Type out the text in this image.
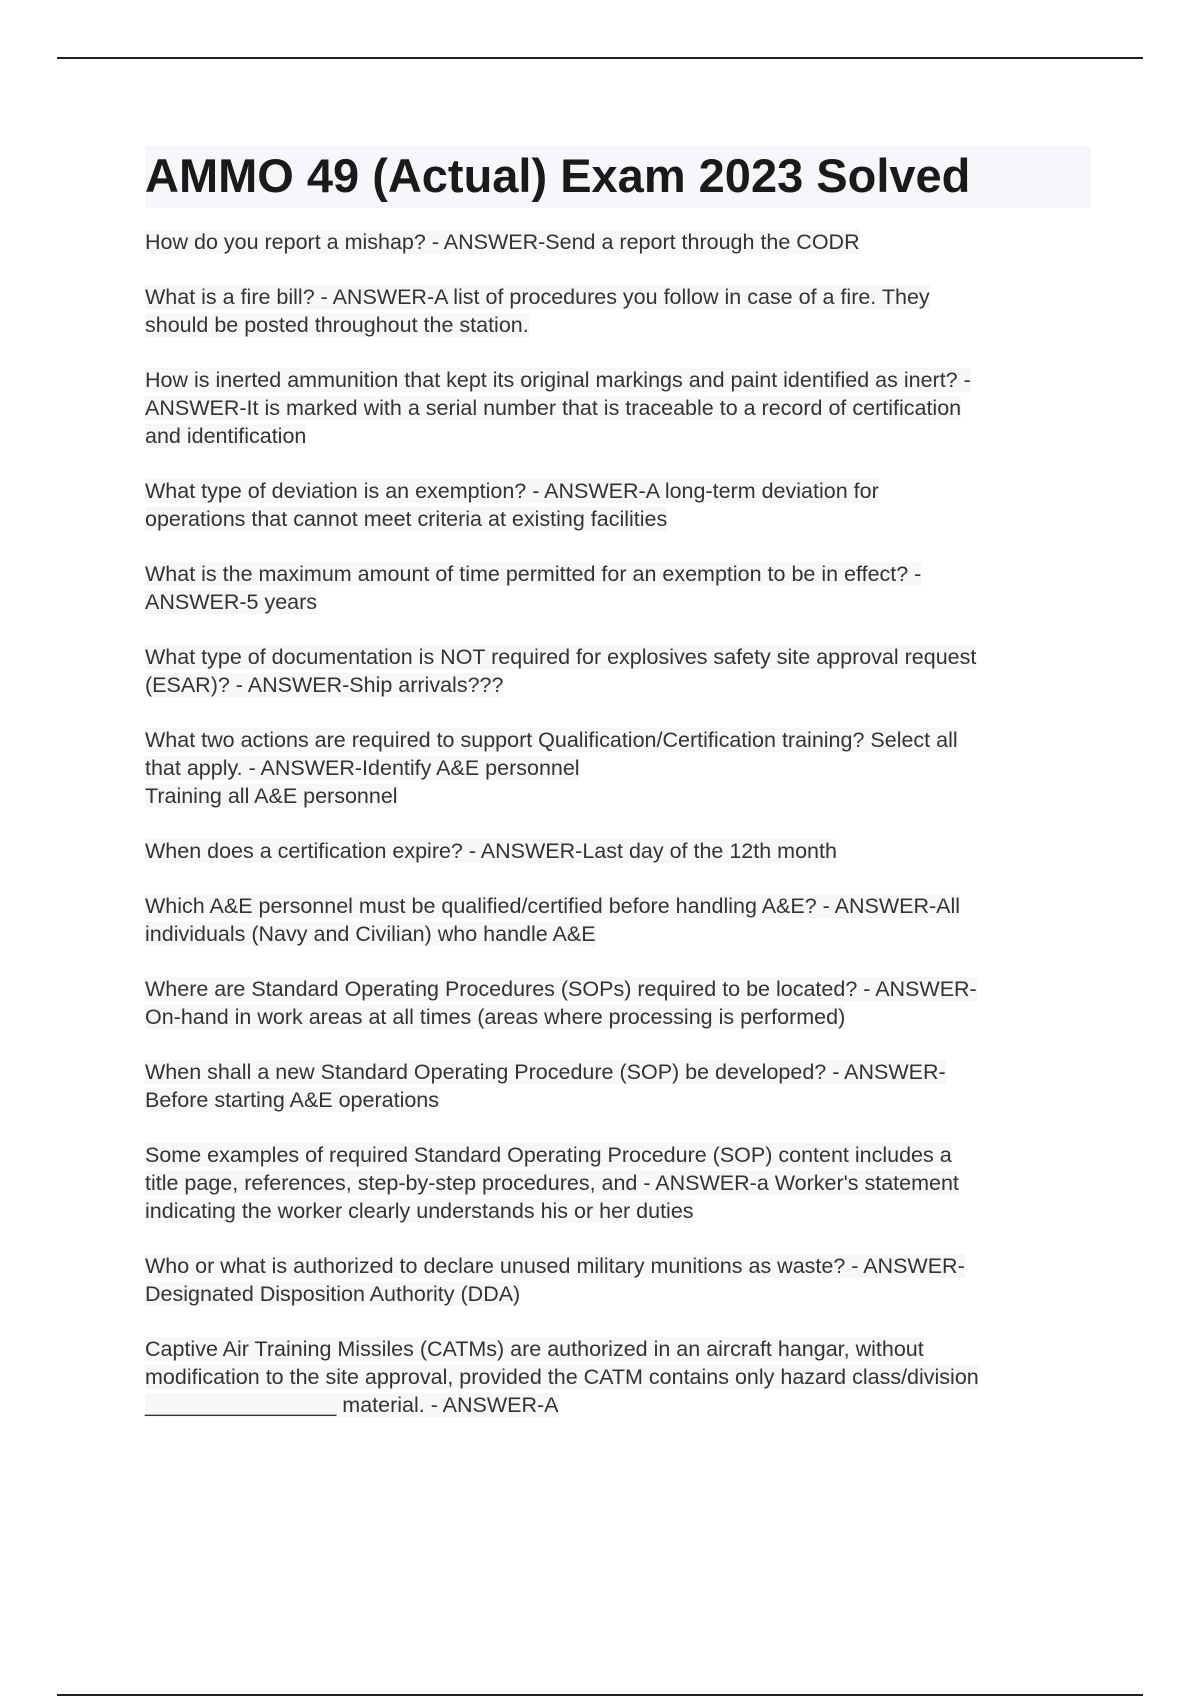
AMMO 49 (Actual) Exam 2023 Solved
How do you report a mishap? - ANSWER-Send a report through the CODR
What is a fire bill? - ANSWER-A list of procedures you follow in case of a fire. They
should be posted throughout the station.
How is inerted ammunition that kept its original markings and paint identified as inert? -
ANSWER-It is marked with a serial number that is traceable to a record of certification
and identification
What type of deviation is an exemption? - ANSWER-A long-term deviation for
operations that cannot meet criteria at existing facilities
What is the maximum amount of time permitted for an exemption to be in effect? -
ANSWER-5 years
What type of documentation is NOT required for explosives safety site approval request
(ESAR)? - ANSWER-Ship arrivals???
What two actions are required to support Qualification/Certification training? Select all
that apply. - ANSWER-Identify A&E personnel
Training all A&E personnel
When does a certification expire? - ANSWER-Last day of the 12th month
Which A&E personnel must be qualified/certified before handling A&E? - ANSWER-All
individuals (Navy and Civilian) who handle A&E
Where are Standard Operating Procedures (SOPs) required to be located? - ANSWER-
On-hand in work areas at all times (areas where processing is performed)
When shall a new Standard Operating Procedure (SOP) be developed? - ANSWER-
Before starting A&E operations
Some examples of required Standard Operating Procedure (SOP) content includes a
title page, references, step-by-step procedures, and - ANSWER-a Worker's statement
indicating the worker clearly understands his or her duties
Who or what is authorized to declare unused military munitions as waste? - ANSWER-
Designated Disposition Authority (DDA)
Captive Air Training Missiles (CATMs) are authorized in an aircraft hangar, without
modification to the site approval, provided the CATM contains only hazard class/division
________________ material. - ANSWER-A
